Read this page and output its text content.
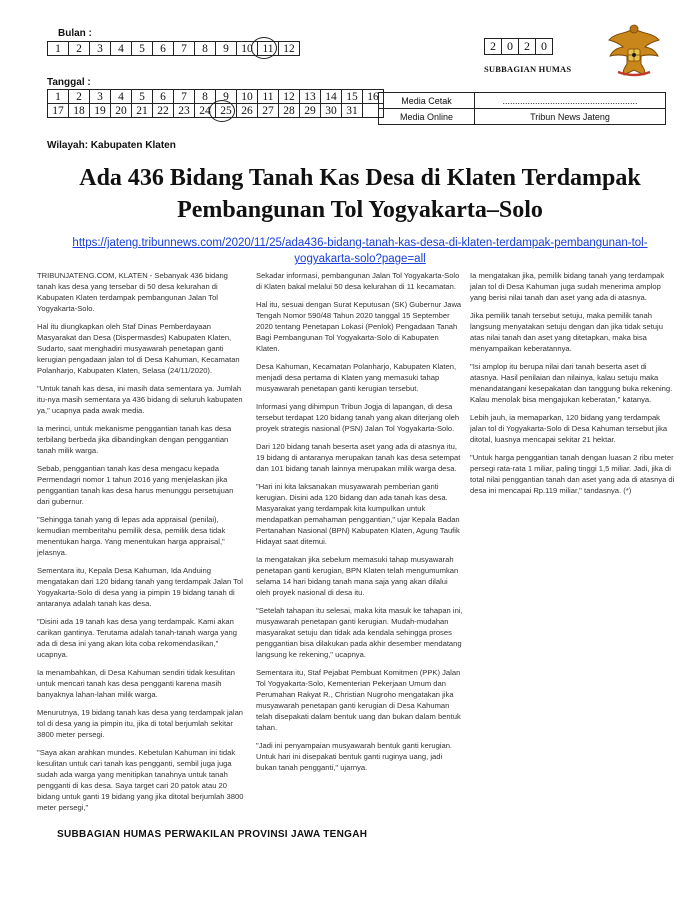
Bulan :
1	2	3	4	5	6	7	8	9	10	11	12
Tanggal :
1	2	3	4	5	6	7	8	9	10	11	12	13	14	15	16
17	18	19	20	21	22	23	24	25	26	27	28	29	30	31	
Media Cetak	......................................................
Media Online	Tribun News Jateng
2	0	2	0
SUBBAGIAN HUMAS
Wilayah: Kabupaten Klaten
Ada 436 Bidang Tanah Kas Desa di Klaten Terdampak
Pembangunan Tol Yogyakarta–Solo
https://jateng.tribunnews.com/2020/11/25/ada436-bidang-tanah-kas-desa-di-klaten-terdampak-pembangunan-tol-
yogyakarta-solo?page=all

TRIBUNJATENG.COM, KLATEN - Sebanyak 436 bidang tanah kas desa yang tersebar di 50 desa kelurahan di Kabupaten Klaten terdampak pembangunan Jalan Tol Yogyakarta-Solo.

Hal itu diungkapkan oleh Staf Dinas Pemberdayaan Masyarakat dan Desa (Dispermasdes) Kabupaten Klaten, Sudarto, saat menghadiri musyawarah penetapan ganti kerugian pengadaan jalan tol di Desa Kahuman, Kecamatan Polanharjo, Kabupaten Klaten, Selasa (24/11/2020).

"Untuk tanah kas desa, ini masih data sementara ya. Jumlah itu-nya masih sementara ya 436 bidang di seluruh kabupaten ya," ucapnya pada awak media.

Ia merinci, untuk mekanisme penggantian tanah kas desa terbilang berbeda jika dibandingkan dengan penggantian tanah milik warga.

Sebab, penggantian tanah kas desa mengacu kepada Permendagri nomor 1 tahun 2016 yang menjelaskan jika penggantian tanah kas desa harus menunggu persetujuan dari gubernur.

"Sehingga tanah yang di lepas ada appraisal (penilai), kemudian memberitahu pemilik desa, pemilik desa tidak menentukan harga. Yang menentukan harga appraisal," jelasnya.

Sementara itu, Kepala Desa Kahuman, Ida Anduing mengatakan dari 120 bidang tanah yang terdampak Jalan Tol Yogyakarta-Solo di desa yang ia pimpin 19 bidang tanah di antaranya adalah tanah kas desa.

"Disini ada 19 tanah kas desa yang terdampak. Kami akan carikan gantinya. Terutama adalah tanah-tanah warga yang ada di desa ini yang akan kita coba rekomendasikan," ucapnya.

Ia menambahkan, di Desa Kahuman sendiri tidak kesulitan untuk mencari tanah kas desa pengganti karena masih banyaknya lahan-lahan milik warga.

Menurutnya, 19 bidang tanah kas desa yang terdampak jalan tol di desa yang ia pimpin itu, jika di total berjumlah sekitar 3800 meter persegi.

"Saya akan arahkan mundes. Kebetulan Kahuman ini tidak kesulitan untuk cari tanah kas pengganti, sembil juga juga sudah ada warga yang menitipkan tanahnya untuk tanah pengganti di kas desa. Saya target cari 20 patok atau 20 bidang untuk ganti 19 bidang yang jika ditotal berjumlah 3800 meter persegi,"

Sekadar informasi, pembangunan Jalan Tol Yogyakarta-Solo di Klaten bakal melalui 50 desa kelurahan di 11 kecamatan.

Hal itu, sesuai dengan Surat Keputusan (SK) Gubernur Jawa Tengah Nomor 590/48 Tahun 2020 tanggal 15 September 2020 tentang Penetapan Lokasi (Penlok) Pengadaan Tanah Bagi Pembangunan Tol Yogyakarta-Solo di Kabupaten Klaten.

Desa Kahuman, Kecamatan Polanharjo, Kabupaten Klaten, menjadi desa pertama di Klaten yang memasuki tahap musyawarah penetapan ganti kerugian tersebut.

Informasi yang dihimpun Tribun Jogja di lapangan, di desa tersebut terdapat 120 bidang tanah yang akan diterjang oleh proyek strategis nasional (PSN) Jalan Tol Yogyakarta-Solo.

Dari 120 bidang tanah beserta aset yang ada di atasnya itu, 19 bidang di antaranya merupakan tanah kas desa setempat dan 101 bidang tanah lainnya merupakan milik warga desa.

"Hari ini kita laksanakan musyawarah pemberian ganti kerugian. Disini ada 120 bidang dan ada tanah kas desa. Masyarakat yang terdampak kita kumpulkan untuk mendapatkan pemahaman penggantian," ujar Kepala Badan Pertanahan Nasional (BPN) Kabupaten Klaten, Agung Taufik Hidayat saat ditemui.

Ia mengatakan jika sebelum memasuki tahap musyawarah penetapan ganti kerugian, BPN Klaten telah mengumumkan selama 14 hari bidang tanah mana saja yang akan dilalui oleh proyek nasional di desa itu.

"Setelah tahapan itu selesai, maka kita masuk ke tahapan ini, musyawarah penetapan ganti kerugian. Mudah-mudahan masyarakat setuju dan tidak ada kendala sehingga proses penggantian bisa dilakukan pada akhir desember mendatang langsung ke rekening," ucapnya.

Sementara itu, Staf Pejabat Pembuat Komitmen (PPK) Jalan Tol Yogyakarta-Solo, Kementerian Pekerjaan Umum dan Perumahan Rakyat R., Christian Nugroho mengatakan jika musyawarah penetapan ganti kerugian di Desa Kahuman telah disepakati dalam bentuk uang dan bukan dalam bentuk tahan.

"Jadi ini penyampaian musyawarah bentuk ganti kerugian. Untuk hari ini disepakati bentuk ganti ruginya uang, jadi bukan tanah pengganti," ujarnya.

Ia mengatakan jika, pemilik bidang tanah yang terdampak jalan tol di Desa Kahuman juga sudah menerima amplop yang berisi nilai tanah dan aset yang ada di atasnya.

Jika pemilik tanah tersebut setuju, maka pemilik tanah langsung menyatakan setuju dengan dan jika tidak setuju atas nilai tanah dan aset yang ditetapkan, maka bisa menyampaikan keberatannya.

"Isi amplop itu berupa nilai dari tanah beserta aset di atasnya. Hasil penilaian dan nilainya, kalau setuju maka menandatangani kesepakatan dan tanggung buka rekening. Kalau menolak bisa mengajukan keberatan," katanya.

Lebih jauh, ia memaparkan, 120 bidang yang terdampak jalan tol di Yogyakarta-Solo di Desa Kahuman tersebut jika ditotal, luasnya mencapai sekitar 21 hektar.

"Untuk harga penggantian tanah dengan luasan 2 ribu meter persegi rata-rata 1 miliar, paling tinggi 1,5 miliar. Jadi, jika di total nilai penggantian tanah dan aset yang ada di atasnya di desa ini mencapai Rp.119 miliar," tandasnya. (*)

SUBBAGIAN HUMAS PERWAKILAN PROVINSI JAWA TENGAH
